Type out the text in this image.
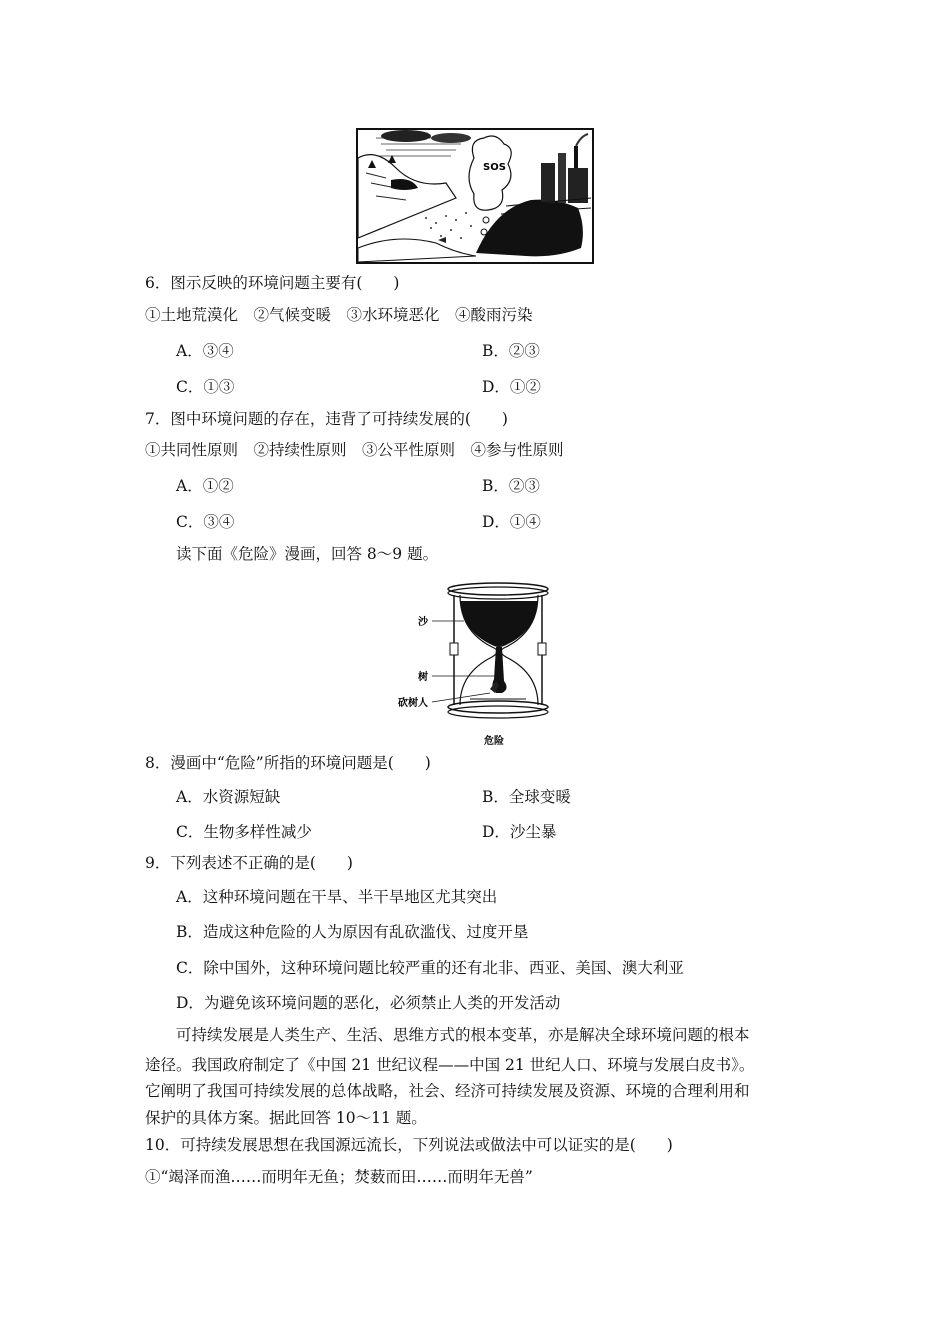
SOS
6．图示反映的环境问题主要有(　　)
①土地荒漠化　②气候变暖　③水环境恶化　④酸雨污染
A．③④	B．②③
C．①③	D．①②
7．图中环境问题的存在，违背了可持续发展的(　　)
①共同性原则　②持续性原则　③公平性原则　④参与性原则
A．①②	B．②③
C．③④	D．①④
读下面《危险》漫画，回答 8～9 题。
沙
树
砍树人
危险
8．漫画中“危险”所指的环境问题是(　　)
A．水资源短缺	B．全球变暖
C．生物多样性减少	D．沙尘暴
9．下列表述不正确的是(　　)
A．这种环境问题在干旱、半干旱地区尤其突出
B．造成这种危险的人为原因有乱砍滥伐、过度开垦
C．除中国外，这种环境问题比较严重的还有北非、西亚、美国、澳大利亚
D．为避免该环境问题的恶化，必须禁止人类的开发活动
可持续发展是人类生产、生活、思维方式的根本变革，亦是解决全球环境问题的根本
途径。我国政府制定了《中国 21 世纪议程——中国 21 世纪人口、环境与发展白皮书》。
它阐明了我国可持续发展的总体战略，社会、经济可持续发展及资源、环境的合理利用和
保护的具体方案。据此回答 10～11 题。
10．可持续发展思想在我国源远流长，下列说法或做法中可以证实的是(　　)
①“竭泽而渔……而明年无鱼；焚薮而田……而明年无兽”
